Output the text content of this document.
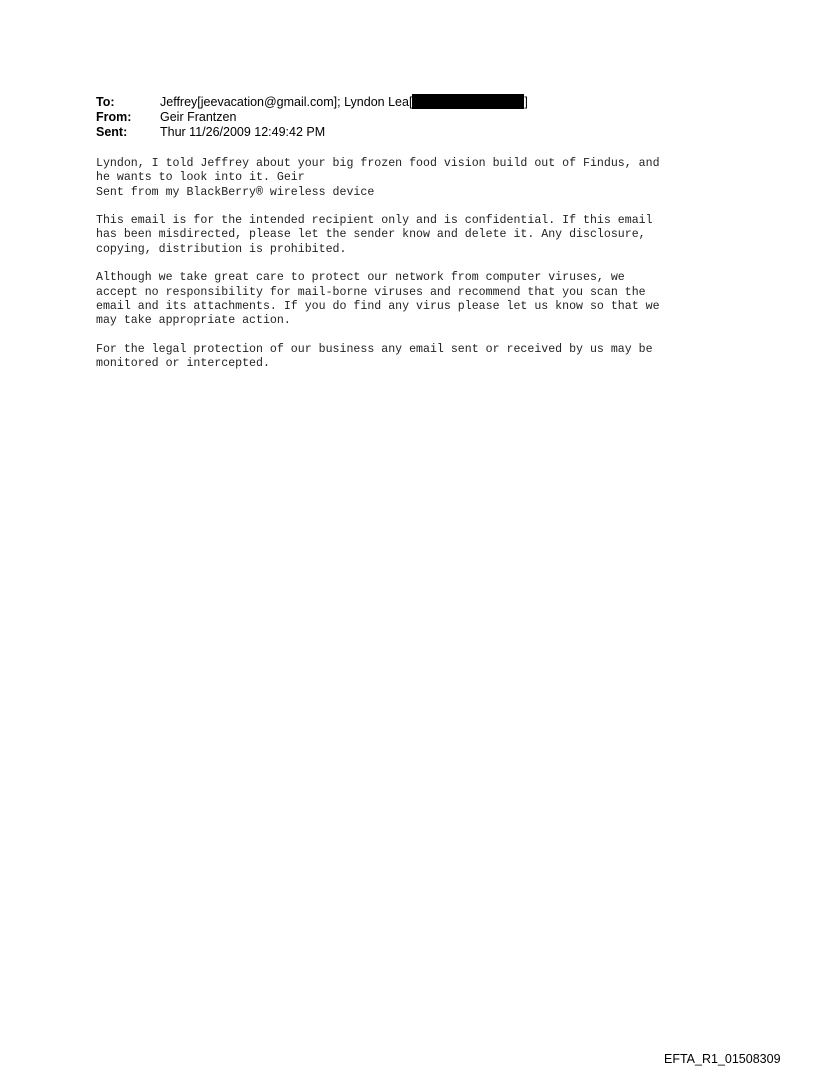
To:	Jeffrey[jeevacation@gmail.com]; Lyndon Lea[	]
From:	Geir Frantzen
Sent:	Thur 11/26/2009 12:49:42 PM

Lyndon, I told Jeffrey about your big frozen food vision build out of Findus, and
he wants to look into it. Geir
Sent from my BlackBerry® wireless device

This email is for the intended recipient only and is confidential. If this email
has been misdirected, please let the sender know and delete it. Any disclosure,
copying, distribution is prohibited.

Although we take great care to protect our network from computer viruses, we
accept no responsibility for mail-borne viruses and recommend that you scan the
email and its attachments. If you do find any virus please let us know so that we
may take appropriate action.

For the legal protection of our business any email sent or received by us may be
monitored or intercepted.

EFTA_R1_01508309
